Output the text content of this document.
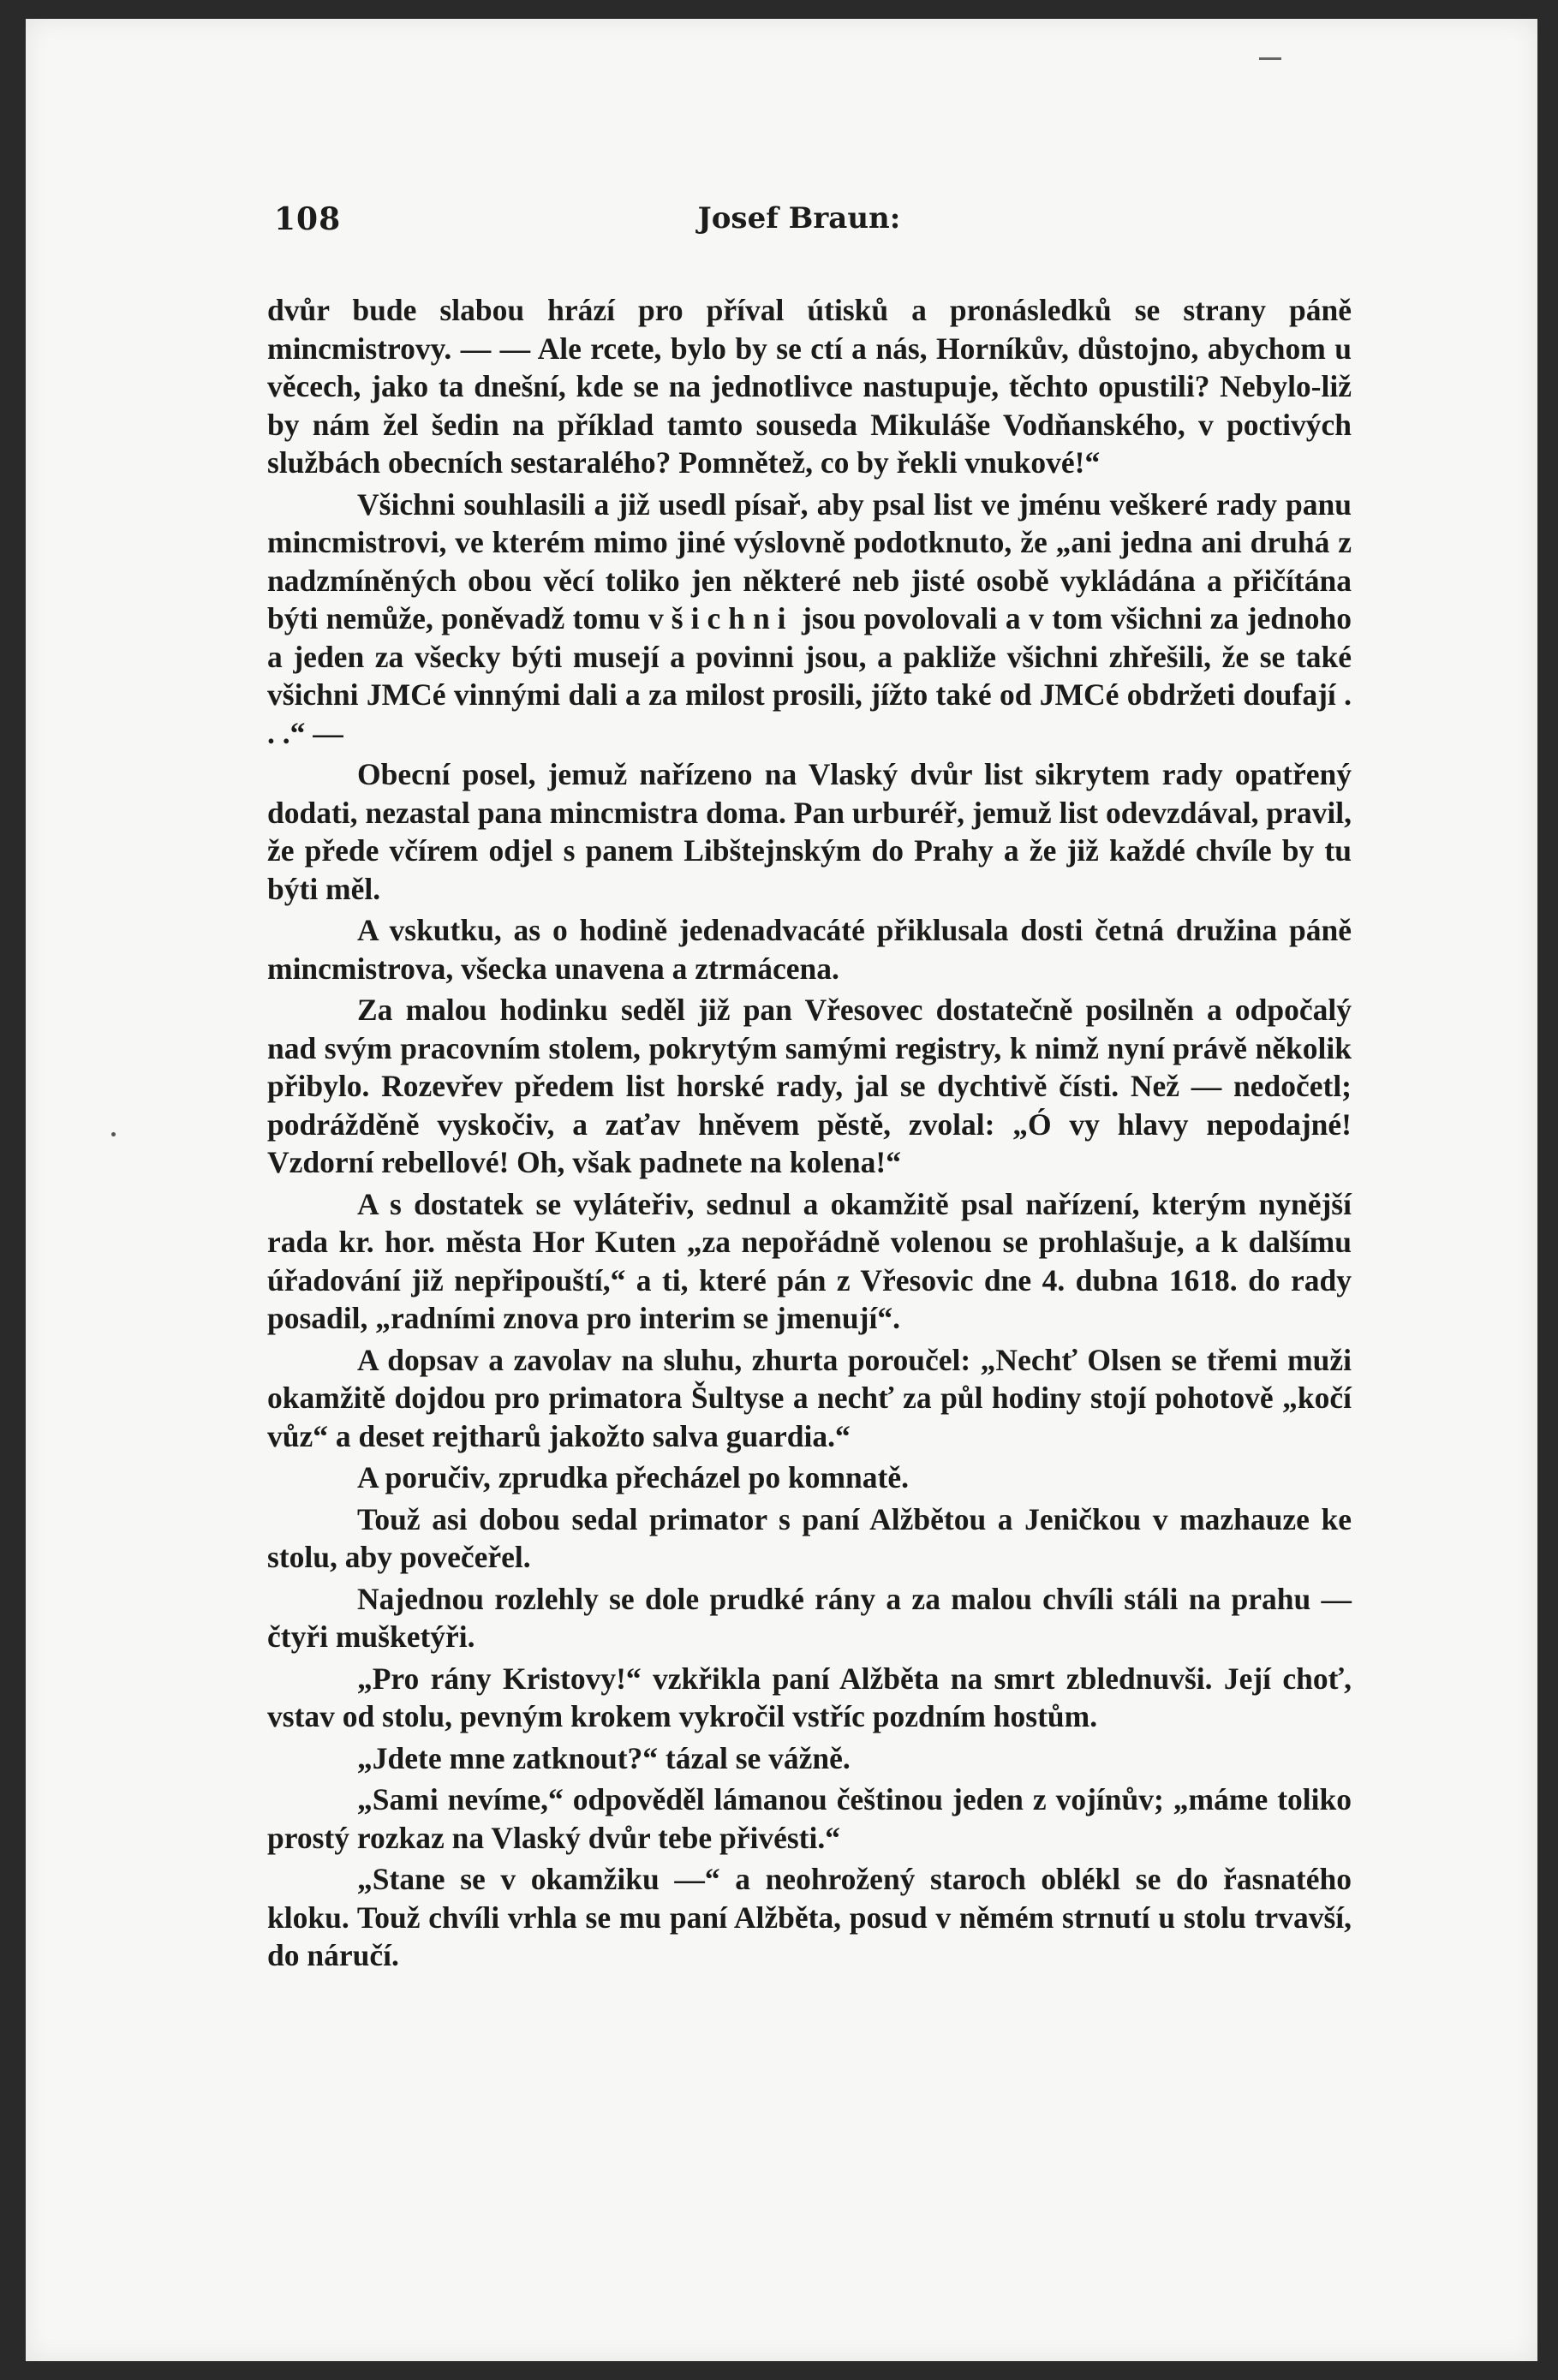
108	Josef Braun:

dvůr bude slabou hrází pro příval útisků a pronásledků se strany páně mincmistrovy. — — Ale rcete, bylo by se ctí a nás, Horníkův, důstojno, abychom u věcech, jako ta dnešní, kde se na jednotlivce nastupuje, těchto opustili? Nebylo-liž by nám žel šedin na příklad tamto souseda Mikuláše Vodňanského, v poctivých službách obecních sestaralého? Pomnětež, co by řekli vnukové!“

Všichni souhlasili a již usedl písař, aby psal list ve jménu veškeré rady panu mincmistrovi, ve kterém mimo jiné výslovně podotknuto, že „ani jedna ani druhá z nadzmíněných obou věcí toliko jen některé neb jisté osobě vykládána a přičítána býti nemůže, poněvadž tomu všichni jsou povolovali a v tom všichni za jednoho a jeden za všecky býti musejí a povinni jsou, a pakliže všichni zhřešili, že se také všichni JMCé vinnými dali a za milost prosili, jížto také od JMCé obdržeti doufají . . .“ —

Obecní posel, jemuž nařízeno na Vlaský dvůr list sikrytem rady opatřený dodati, nezastal pana mincmistra doma. Pan urburéř, jemuž list odevzdával, pravil, že přede včírem odjel s panem Libštejnským do Prahy a že již každé chvíle by tu býti měl.

A vskutku, as o hodině jedenadvacáté přiklusala dosti četná družina páně mincmistrova, všecka unavena a ztrmácena.

Za malou hodinku seděl již pan Vřesovec dostatečně posilněn a odpočalý nad svým pracovním stolem, pokrytým samými registry, k nimž nyní právě několik přibylo. Rozevřev předem list horské rady, jal se dychtivě čísti. Než — nedočetl; podrážděně vyskočiv, a zaťav hněvem pěstě, zvolal: „Ó vy hlavy nepodajné! Vzdorní rebellové! Oh, však padnete na kolena!“

A s dostatek se vyláteřiv, sednul a okamžitě psal nařízení, kterým nynější rada kr. hor. města Hor Kuten „za nepořádně volenou se prohlašuje, a k dalšímu úřadování již nepřipouští,“ a ti, které pán z Vřesovic dne 4. dubna 1618. do rady posadil, „radními znova pro interim se jmenují“.

A dopsav a zavolav na sluhu, zhurta poroučel: „Nechť Olsen se třemi muži okamžitě dojdou pro primatora Šultyse a nechť za půl hodiny stojí pohotově „kočí vůz“ a deset rejtharů jakožto salva guardia.“

A poručiv, zprudka přecházel po komnatě.

Touž asi dobou sedal primator s paní Alžbětou a Jeničkou v mazhauze ke stolu, aby povečeřel.

Najednou rozlehly se dole prudké rány a za malou chvíli stáli na prahu — čtyři mušketýři.

„Pro rány Kristovy!“ vzkřikla paní Alžběta na smrt zblednuvši. Její choť, vstav od stolu, pevným krokem vykročil vstříc pozdním hostům.

„Jdete mne zatknout?“ tázal se vážně.

„Sami nevíme,“ odpověděl lámanou češtinou jeden z vojínův; „máme toliko prostý rozkaz na Vlaský dvůr tebe přivésti.“

„Stane se v okamžiku —“ a neohrožený staroch oblékl se do řasnatého kloku. Touž chvíli vrhla se mu paní Alžběta, posud v němém strnutí u stolu trvavší, do náručí.
